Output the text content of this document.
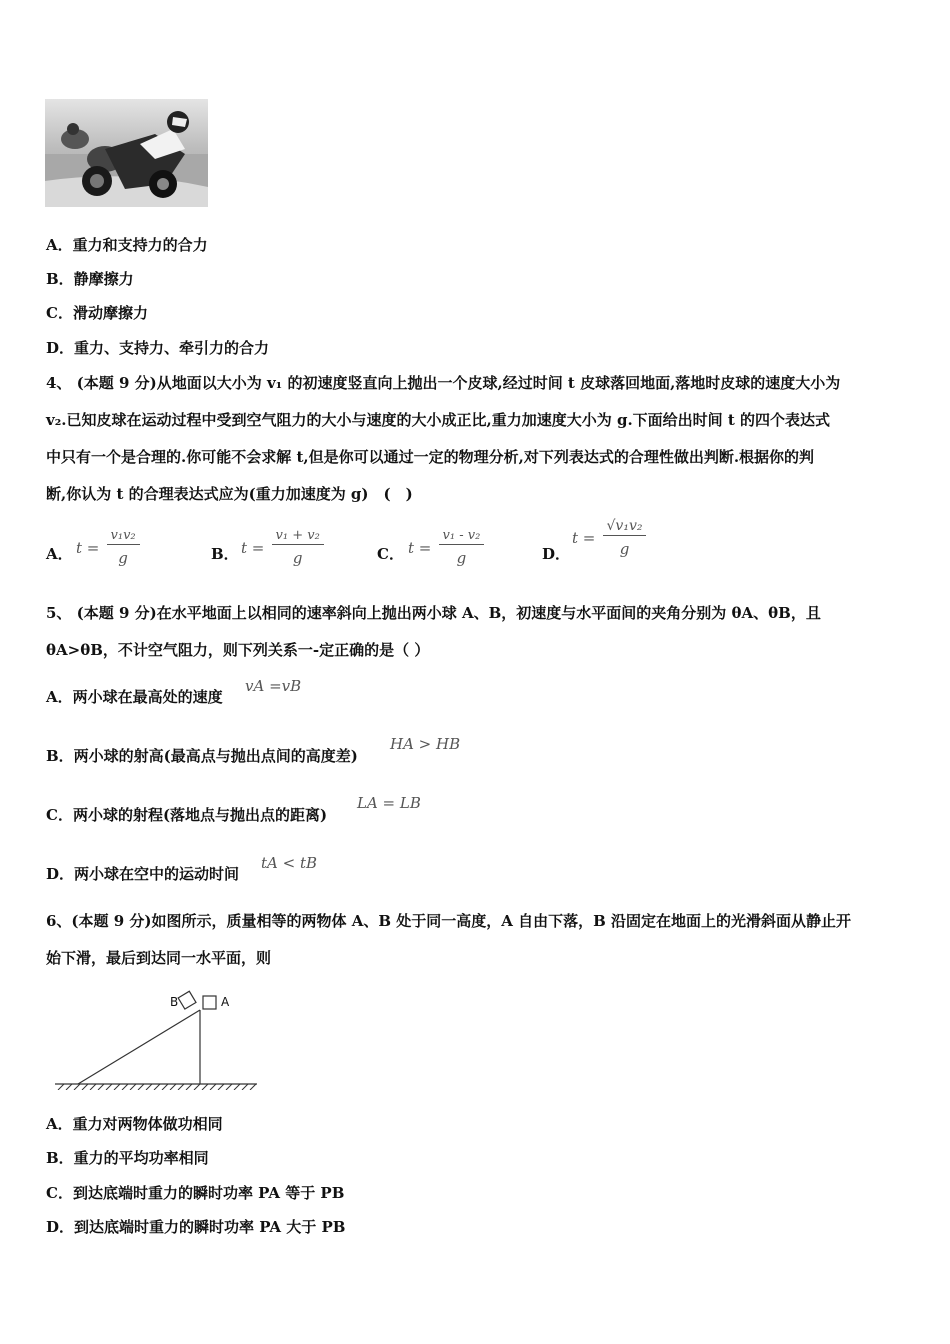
A．重力和支持力的合力
B．静摩擦力
C．滑动摩擦力
D．重力、支持力、牵引力的合力
4、 (本题 9 分)从地面以大小为 v₁ 的初速度竖直向上抛出一个皮球,经过时间 t 皮球落回地面,落地时皮球的速度大小为
v₂.已知皮球在运动过程中受到空气阻力的大小与速度的大小成正比,重力加速度大小为 g.下面给出时间 t 的四个表达式
中只有一个是合理的.你可能不会求解 t,但是你可以通过一定的物理分析,对下列表达式的合理性做出判断.根据你的判
断,你认为 t 的合理表达式应为(重力加速度为 g)　(　)
A． $t = \frac{\text{v₁v₂}}{g}$	B． $t = \frac{\text{v₁ + v₂}}{g}$	C． $t = \frac{\text{v₁ - v₂}}{g}$	D．
$t = \frac{\text{√v₁v₂}}{g}$
5、 (本题 9 分)在水平地面上以相同的速率斜向上抛出两小球 A、B，初速度与水平面间的夹角分别为 θA、θB，且
θA>θB，不计空气阻力，则下列关系一-定正确的是（ ）
A．两小球在最高处的速度
vA =vB
B．两小球的射高(最高点与抛出点间的高度差)
HA > HB
C．两小球的射程(落地点与抛出点的距离)
LA = LB
D．两小球在空中的运动时间
tA < tB
6、(本题 9 分)如图所示，质量相等的两物体 A、B 处于同一高度，A 自由下落，B 沿固定在地面上的光滑斜面从静止开
始下滑，最后到达同一水平面，则
B	A
A．重力对两物体做功相同
B．重力的平均功率相同
C．到达底端时重力的瞬时功率 PA 等于 PB
D．到达底端时重力的瞬时功率 PA 大于 PB
